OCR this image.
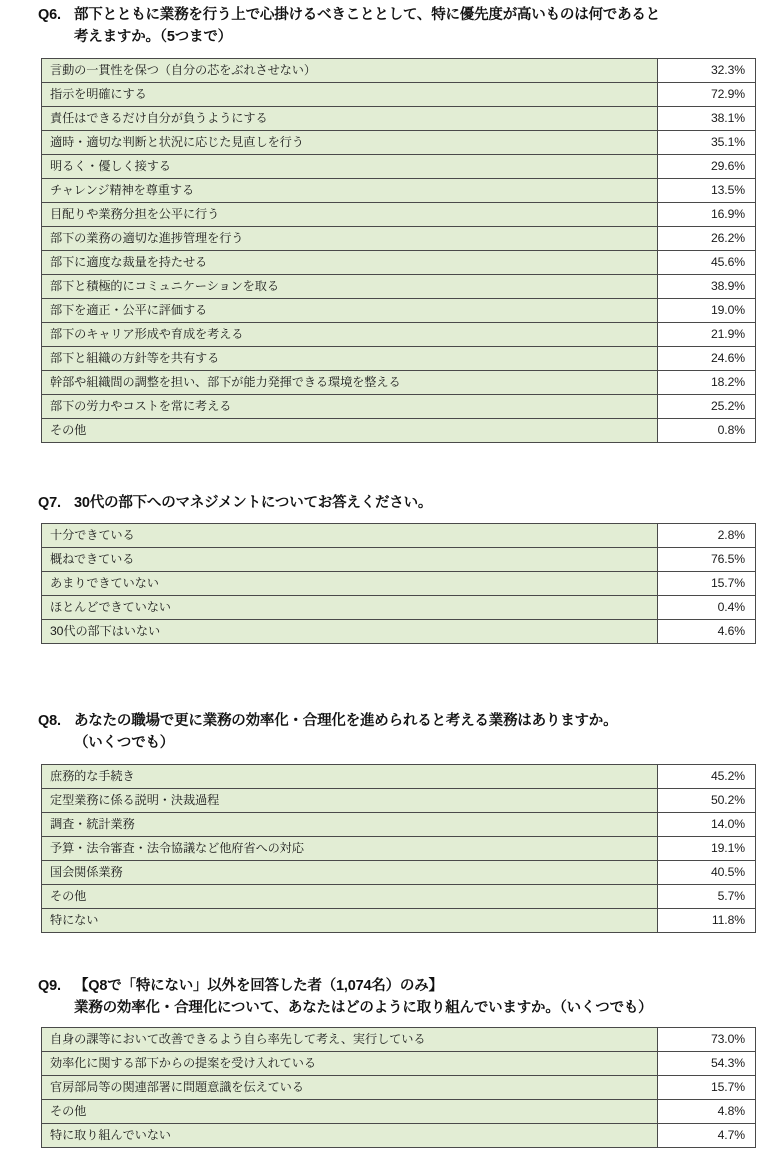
Q6. 部下とともに業務を行う上で心掛けるべきこととして、特に優先度が高いものは何であると
考えますか。（5つまで）
言動の一貫性を保つ（自分の芯をぶれさせない）	32.3%
指示を明確にする	72.9%
責任はできるだけ自分が負うようにする	38.1%
適時・適切な判断と状況に応じた見直しを行う	35.1%
明るく・優しく接する	29.6%
チャレンジ精神を尊重する	13.5%
目配りや業務分担を公平に行う	16.9%
部下の業務の適切な進捗管理を行う	26.2%
部下に適度な裁量を持たせる	45.6%
部下と積極的にコミュニケーションを取る	38.9%
部下を適正・公平に評価する	19.0%
部下のキャリア形成や育成を考える	21.9%
部下と組織の方針等を共有する	24.6%
幹部や組織間の調整を担い、部下が能力発揮できる環境を整える	18.2%
部下の労力やコストを常に考える	25.2%
その他	0.8%
Q7. 30代の部下へのマネジメントについてお答えください。
十分できている	2.8%
概ねできている	76.5%
あまりできていない	15.7%
ほとんどできていない	0.4%
30代の部下はいない	4.6%
Q8. あなたの職場で更に業務の効率化・合理化を進められると考える業務はありますか。
（いくつでも）
庶務的な手続き	45.2%
定型業務に係る説明・決裁過程	50.2%
調査・統計業務	14.0%
予算・法令審査・法令協議など他府省への対応	19.1%
国会関係業務	40.5%
その他	5.7%
特にない	11.8%
Q9. 【Q8で「特にない」以外を回答した者（1,074名）のみ】
業務の効率化・合理化について、あなたはどのように取り組んでいますか。（いくつでも）
自身の課等において改善できるよう自ら率先して考え、実行している	73.0%
効率化に関する部下からの提案を受け入れている	54.3%
官房部局等の関連部署に問題意識を伝えている	15.7%
その他	4.8%
特に取り組んでいない	4.7%
